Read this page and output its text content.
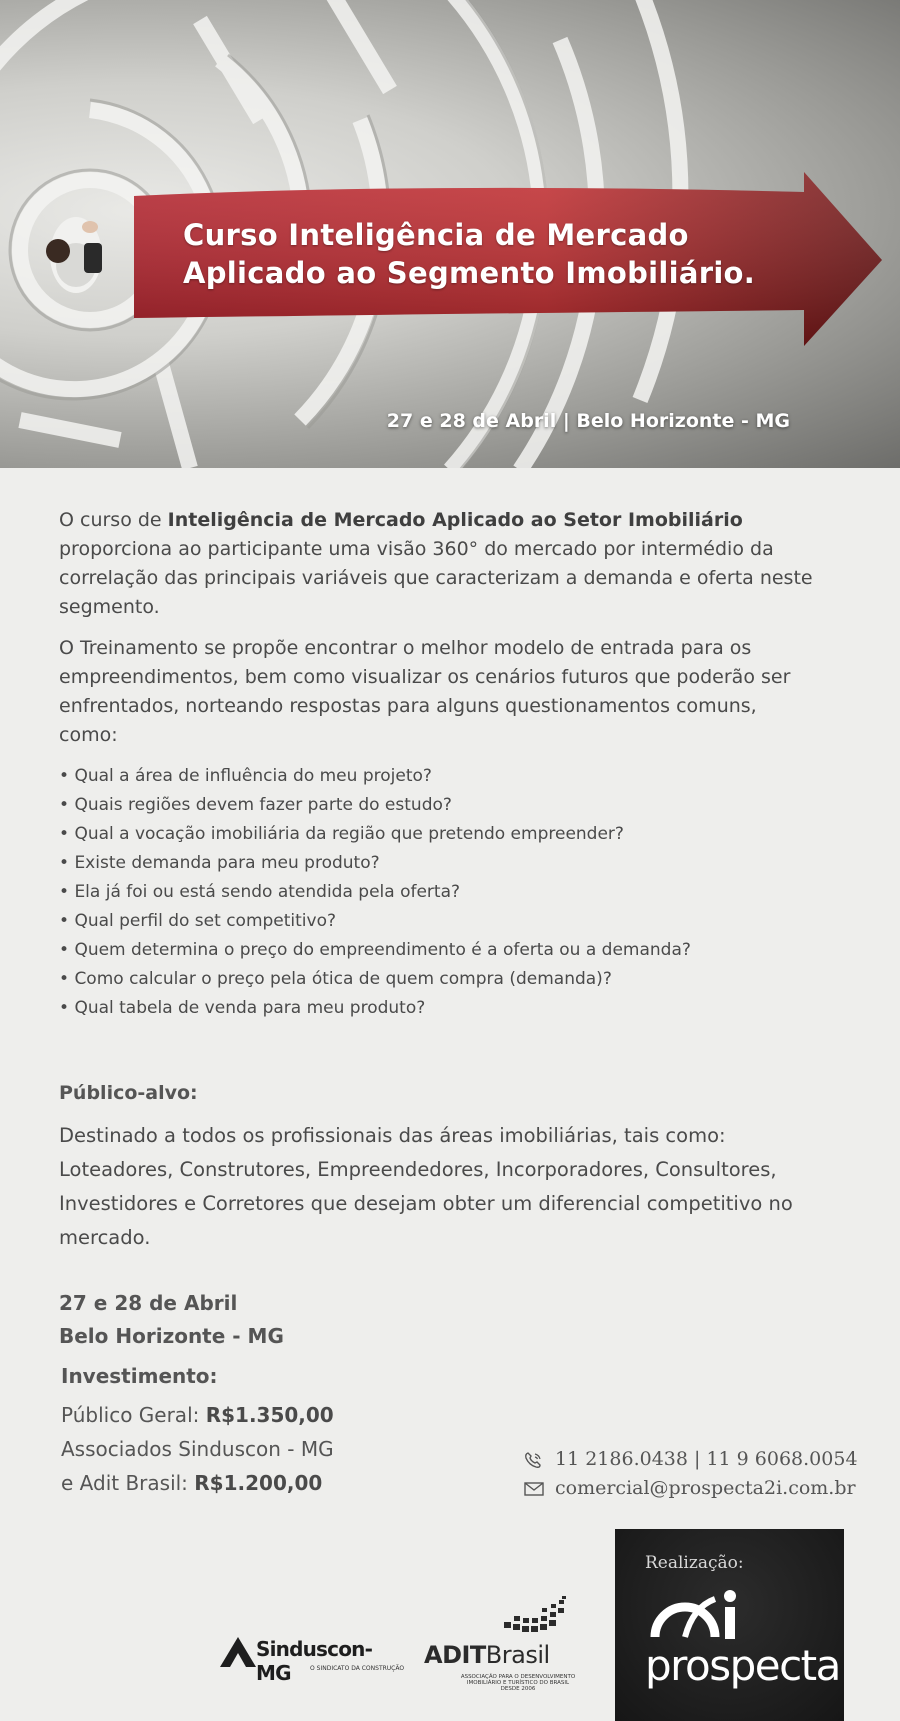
Curso Inteligência de Mercado
Aplicado ao Segmento Imobiliário.
27 e 28 de Abril | Belo Horizonte - MG

O curso de Inteligência de Mercado Aplicado ao Setor Imobiliário proporciona ao participante uma visão 360° do mercado por intermédio da correlação das principais variáveis que caracterizam a demanda e oferta neste segmento.

O Treinamento se propõe encontrar o melhor modelo de entrada para os empreendimentos, bem como visualizar os cenários futuros que poderão ser enfrentados, norteando respostas para alguns questionamentos comuns, como:

• Qual a área de influência do meu projeto?
• Quais regiões devem fazer parte do estudo?
• Qual a vocação imobiliária da região que pretendo empreender?
• Existe demanda para meu produto?
• Ela já foi ou está sendo atendida pela oferta?
• Qual perfil do set competitivo?
• Quem determina o preço do empreendimento é a oferta ou a demanda?
• Como calcular o preço pela ótica de quem compra (demanda)?
• Qual tabela de venda para meu produto?
Público-alvo:
Destinado a todos os profissionais das áreas imobiliárias, tais como: Loteadores, Construtores, Empreendedores, Incorporadores, Consultores, Investidores e Corretores que desejam obter um diferencial competitivo no mercado.
27 e 28 de Abril
Belo Horizonte - MG
Investimento:
Público Geral: R$1.350,00
Associados Sinduscon - MG
e Adit Brasil: R$1.200,00
11 2186.0438 | 11 9 6068.0054
comercial@prospecta2i.com.br
Sinduscon-MG	O SINDICATO DA CONSTRUÇÃO ADITBrasil
ASSOCIAÇÃO PARA O DESENVOLVIMENTO IMOBILIÁRIO E TURÍSTICO DO BRASIL DESDE 2006
Realização:
prospecta
